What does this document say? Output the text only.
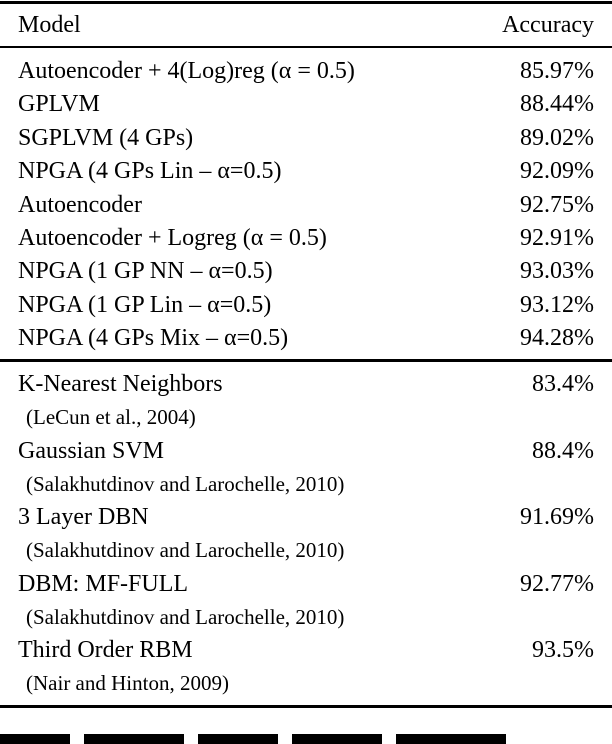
Model	Accuracy
Autoencoder + 4(Log)reg (α = 0.5)	85.97%
GPLVM	88.44%
SGPLVM (4 GPs)	89.02%
NPGA (4 GPs Lin – α=0.5)	92.09%
Autoencoder	92.75%
Autoencoder + Logreg (α = 0.5)	92.91%
NPGA (1 GP NN – α=0.5)	93.03%
NPGA (1 GP Lin – α=0.5)	93.12%
NPGA (4 GPs Mix – α=0.5)	94.28%
K-Nearest Neighbors	83.4%
(LeCun et al., 2004)
Gaussian SVM	88.4%
(Salakhutdinov and Larochelle, 2010)
3 Layer DBN	91.69%
(Salakhutdinov and Larochelle, 2010)
DBM: MF-FULL	92.77%
(Salakhutdinov and Larochelle, 2010)
Third Order RBM	93.5%
(Nair and Hinton, 2009)
